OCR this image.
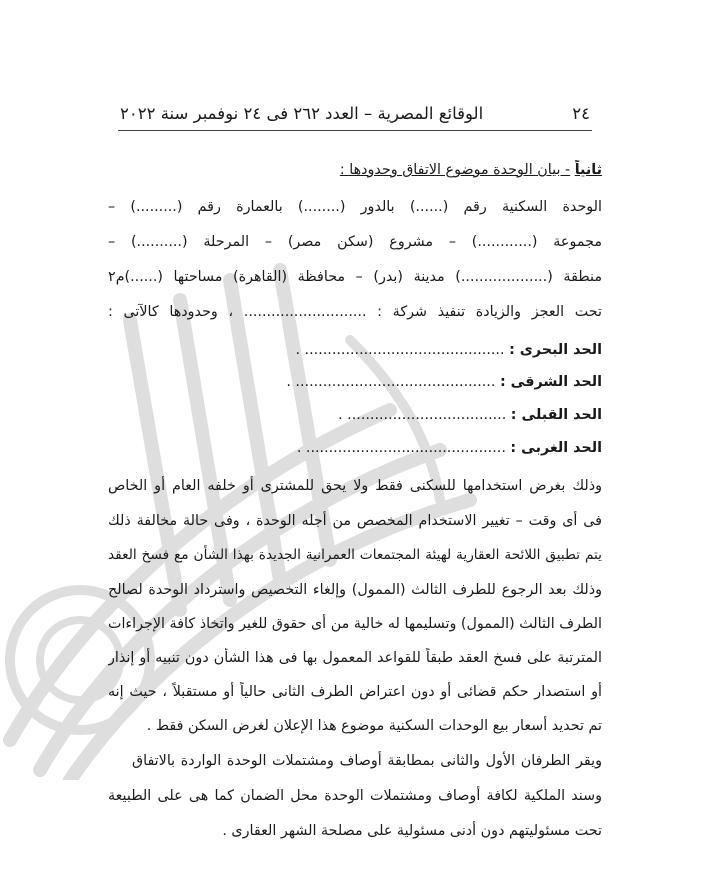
٢٤
الوقائع المصرية – العدد ٢٦٢ فى ٢٤ نوفمبر سنة ٢٠٢٢
ثانياً - بيان الوحدة موضوع الاتفاق وحدودها :
الوحدة السكنية رقم (......) بالدور (........) بالعمارة رقم (.........) –
مجموعة (............) – مشروع (سكن مصر) – المرحلة (..........) –
منطقة (...................) مدينة (بدر) – محافظة (القاهرة) مساحتها (......)م٢
تحت العجز والزيادة تنفيذ شركة : ........................... ، وحدودها كالآتى :
الحد البحرى : ............................................ .
الحد الشرقى : ............................................ .
الحد القبلى : ................................... .
الحد الغربى : ............................................ .
وذلك بغرض استخدامها للسكنى فقط ولا يحق للمشترى أو خلفه العام أو الخاص
فى أى وقت – تغيير الاستخدام المخصص من أجله الوحدة ، وفى حالة مخالفة ذلك
يتم تطبيق اللائحة العقارية لهيئة المجتمعات العمرانية الجديدة بهذا الشأن مع فسخ العقد
وذلك بعد الرجوع للطرف الثالث (الممول) وإلغاء التخصيص واسترداد الوحدة لصالح
الطرف الثالث (الممول) وتسليمها له خالية من أى حقوق للغير واتخاذ كافة الإجراءات
المترتبة على فسخ العقد طبقاً للقواعد المعمول بها فى هذا الشأن دون تنبيه أو إنذار
أو استصدار حكم قضائى أو دون اعتراض الطرف الثانى حالياً أو مستقبلاً ، حيث إنه
تم تحديد أسعار بيع الوحدات السكنية موضوع هذا الإعلان لغرض السكن فقط .
ويقر الطرفان الأول والثانى بمطابقة أوصاف ومشتملات الوحدة الواردة بالاتفاق
وسند الملكية لكافة أوصاف ومشتملات الوحدة محل الضمان كما هى على الطبيعة
تحت مسئوليتهم دون أدنى مسئولية على مصلحة الشهر العقارى .
